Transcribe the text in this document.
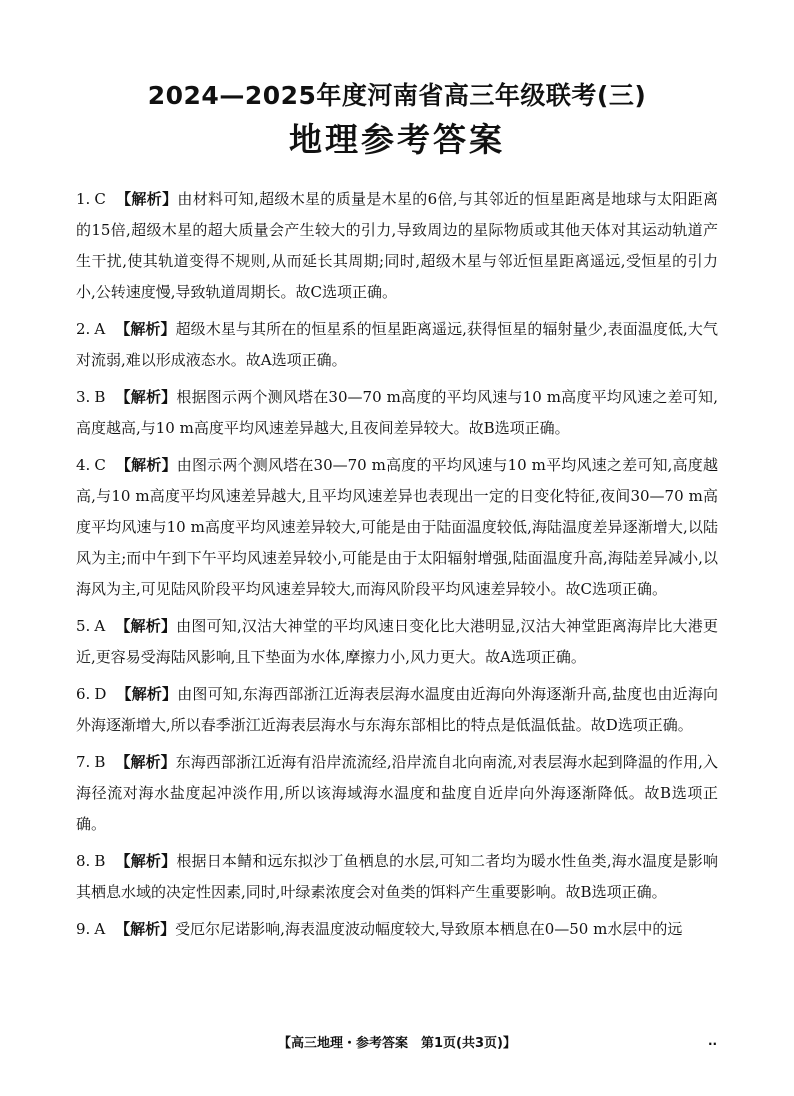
2024—2025年度河南省高三年级联考(三)
地理参考答案

1. C 【解析】由材料可知,超级木星的质量是木星的6倍,与其邻近的恒星距离是地球与太阳距离的15倍,超级木星的超大质量会产生较大的引力,导致周边的星际物质或其他天体对其运动轨道产生干扰,使其轨道变得不规则,从而延长其周期;同时,超级木星与邻近恒星距离遥远,受恒星的引力小,公转速度慢,导致轨道周期长。故C选项正确。

2. A 【解析】超级木星与其所在的恒星系的恒星距离遥远,获得恒星的辐射量少,表面温度低,大气对流弱,难以形成液态水。故A选项正确。

3. B 【解析】根据图示两个测风塔在30—70 m高度的平均风速与10 m高度平均风速之差可知,高度越高,与10 m高度平均风速差异越大,且夜间差异较大。故B选项正确。

4. C 【解析】由图示两个测风塔在30—70 m高度的平均风速与10 m平均风速之差可知,高度越高,与10 m高度平均风速差异越大,且平均风速差异也表现出一定的日变化特征,夜间30—70 m高度平均风速与10 m高度平均风速差异较大,可能是由于陆面温度较低,海陆温度差异逐渐增大,以陆风为主;而中午到下午平均风速差异较小,可能是由于太阳辐射增强,陆面温度升高,海陆差异减小,以海风为主,可见陆风阶段平均风速差异较大,而海风阶段平均风速差异较小。故C选项正确。

5. A 【解析】由图可知,汉沽大神堂的平均风速日变化比大港明显,汉沽大神堂距离海岸比大港更近,更容易受海陆风影响,且下垫面为水体,摩擦力小,风力更大。故A选项正确。

6. D 【解析】由图可知,东海西部浙江近海表层海水温度由近海向外海逐渐升高,盐度也由近海向外海逐渐增大,所以春季浙江近海表层海水与东海东部相比的特点是低温低盐。故D选项正确。

7. B 【解析】东海西部浙江近海有沿岸流流经,沿岸流自北向南流,对表层海水起到降温的作用,入海径流对海水盐度起冲淡作用,所以该海域海水温度和盐度自近岸向外海逐渐降低。故B选项正确。

8. B 【解析】根据日本鲭和远东拟沙丁鱼栖息的水层,可知二者均为暖水性鱼类,海水温度是影响其栖息水域的决定性因素,同时,叶绿素浓度会对鱼类的饵料产生重要影响。故B选项正确。

9. A 【解析】受厄尔尼诺影响,海表温度波动幅度较大,导致原本栖息在0—50 m水层中的远

【高三地理・参考答案　第1页(共3页)】	..
